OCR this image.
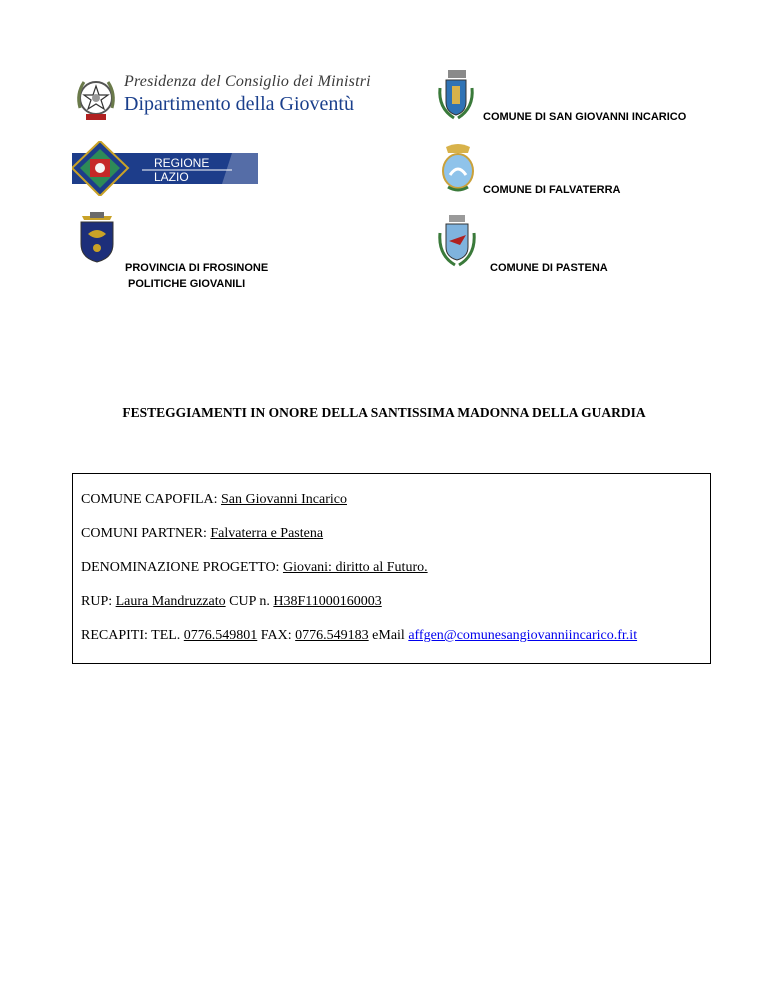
Presidenza del Consiglio dei Ministri
Dipartimento della Gioventù
REGIONE
LAZIO
PROVINCIA DI FROSINONE
POLITICHE GIOVANILI
COMUNE DI SAN GIOVANNI INCARICO
COMUNE DI FALVATERRA
COMUNE DI PASTENA
FESTEGGIAMENTI IN ONORE DELLA SANTISSIMA MADONNA DELLA GUARDIA
COMUNE CAPOFILA: San Giovanni Incarico
COMUNI PARTNER: Falvaterra e Pastena
DENOMINAZIONE PROGETTO: Giovani: diritto al Futuro.
RUP: Laura Mandruzzato CUP n. H38F11000160003
RECAPITI: TEL. 0776.549801 FAX: 0776.549183 eMail affgen@comunesangiovanniincarico.fr.it
